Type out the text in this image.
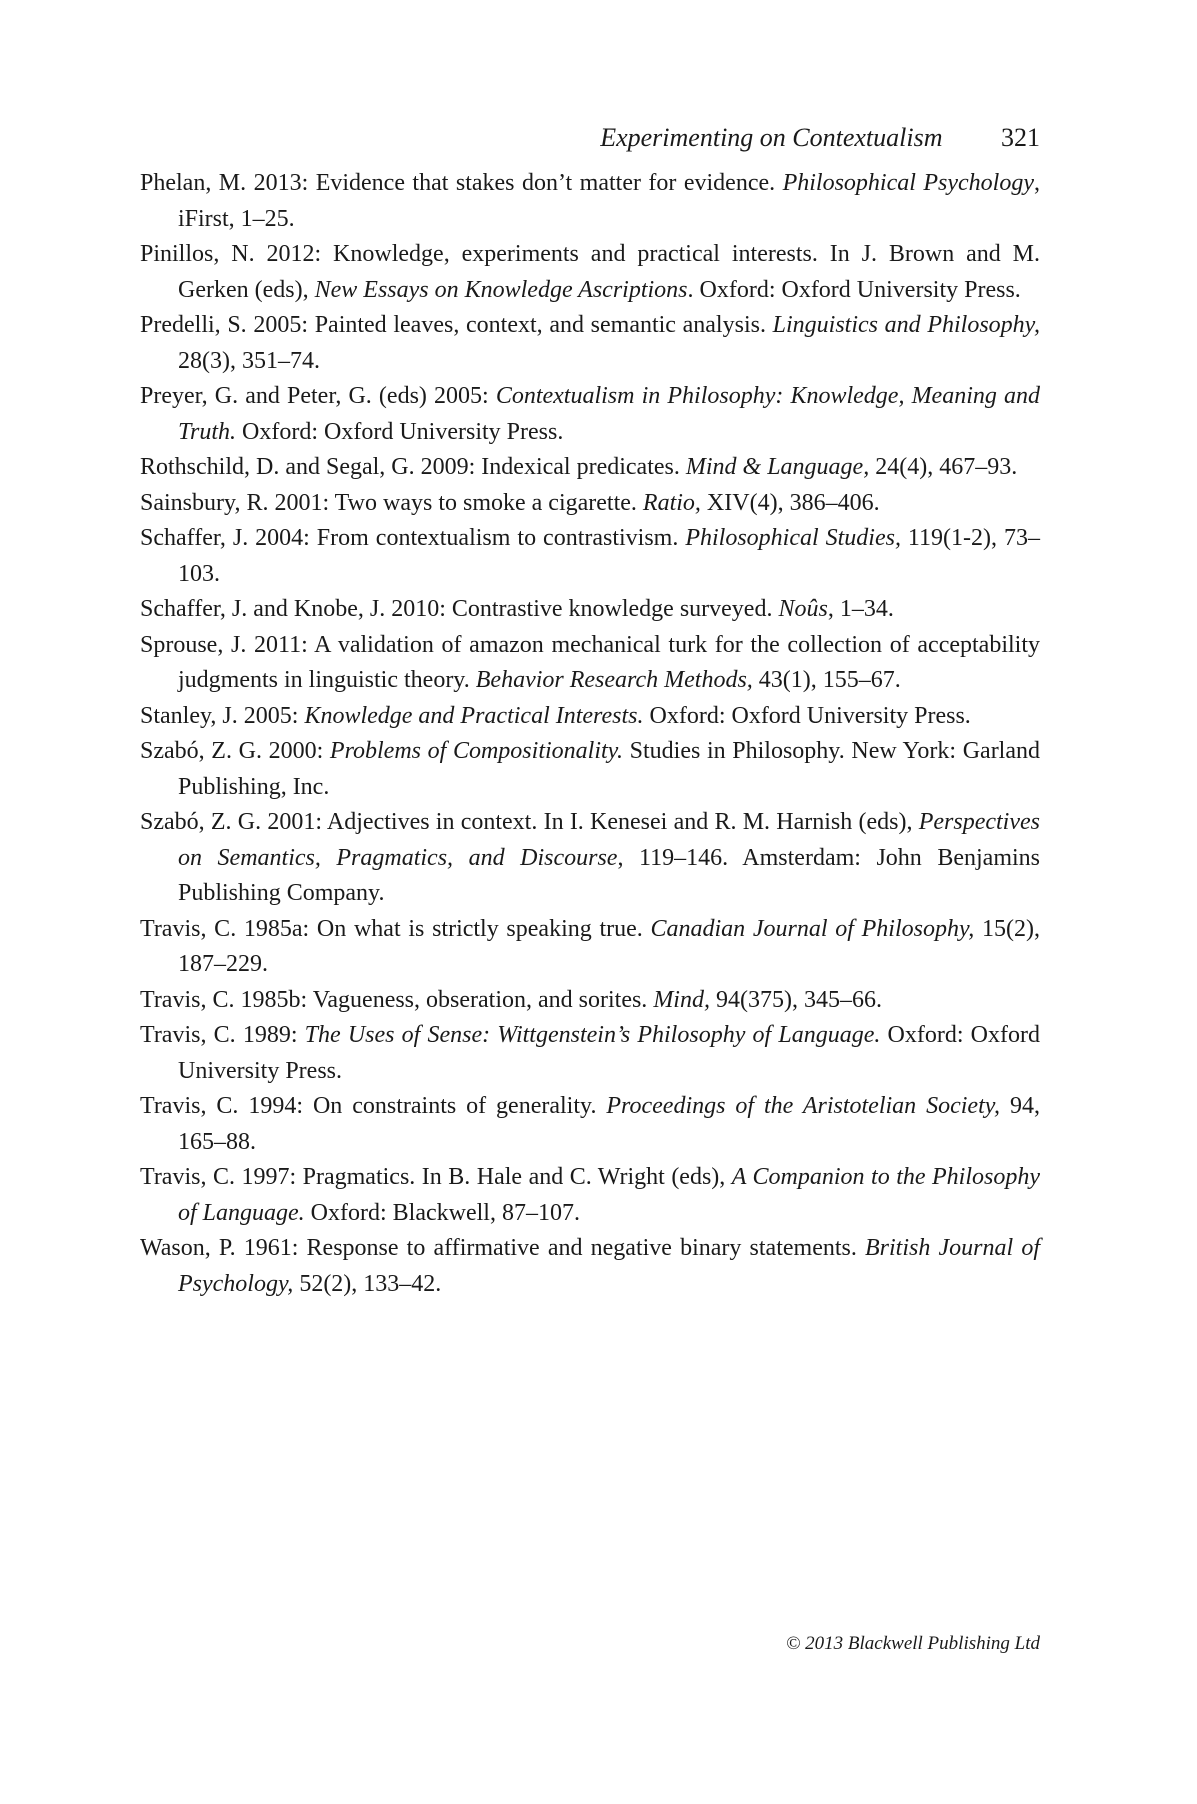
Experimenting on Contextualism 321
Phelan, M. 2013: Evidence that stakes don’t matter for evidence. Philosophical Psychology, iFirst, 1–25.
Pinillos, N. 2012: Knowledge, experiments and practical interests. In J. Brown and M. Gerken (eds), New Essays on Knowledge Ascriptions. Oxford: Oxford University Press.
Predelli, S. 2005: Painted leaves, context, and semantic analysis. Linguistics and Philosophy, 28(3), 351–74.
Preyer, G. and Peter, G. (eds) 2005: Contextualism in Philosophy: Knowledge, Meaning and Truth. Oxford: Oxford University Press.
Rothschild, D. and Segal, G. 2009: Indexical predicates. Mind & Language, 24(4), 467–93.
Sainsbury, R. 2001: Two ways to smoke a cigarette. Ratio, XIV(4), 386–406.
Schaffer, J. 2004: From contextualism to contrastivism. Philosophical Studies, 119(1-2), 73–103.
Schaffer, J. and Knobe, J. 2010: Contrastive knowledge surveyed. Noûs, 1–34.
Sprouse, J. 2011: A validation of amazon mechanical turk for the collection of acceptability judgments in linguistic theory. Behavior Research Methods, 43(1), 155–67.
Stanley, J. 2005: Knowledge and Practical Interests. Oxford: Oxford University Press.
Szabó, Z. G. 2000: Problems of Compositionality. Studies in Philosophy. New York: Garland Publishing, Inc.
Szabó, Z. G. 2001: Adjectives in context. In I. Kenesei and R. M. Harnish (eds), Perspectives on Semantics, Pragmatics, and Discourse, 119–146. Amsterdam: John Benjamins Publishing Company.
Travis, C. 1985a: On what is strictly speaking true. Canadian Journal of Philosophy, 15(2), 187–229.
Travis, C. 1985b: Vagueness, obseration, and sorites. Mind, 94(375), 345–66.
Travis, C. 1989: The Uses of Sense: Wittgenstein’s Philosophy of Language. Oxford: Oxford University Press.
Travis, C. 1994: On constraints of generality. Proceedings of the Aristotelian Society, 94, 165–88.
Travis, C. 1997: Pragmatics. In B. Hale and C. Wright (eds), A Companion to the Philosophy of Language. Oxford: Blackwell, 87–107.
Wason, P. 1961: Response to affirmative and negative binary statements. British Journal of Psychology, 52(2), 133–42.
© 2013 Blackwell Publishing Ltd
